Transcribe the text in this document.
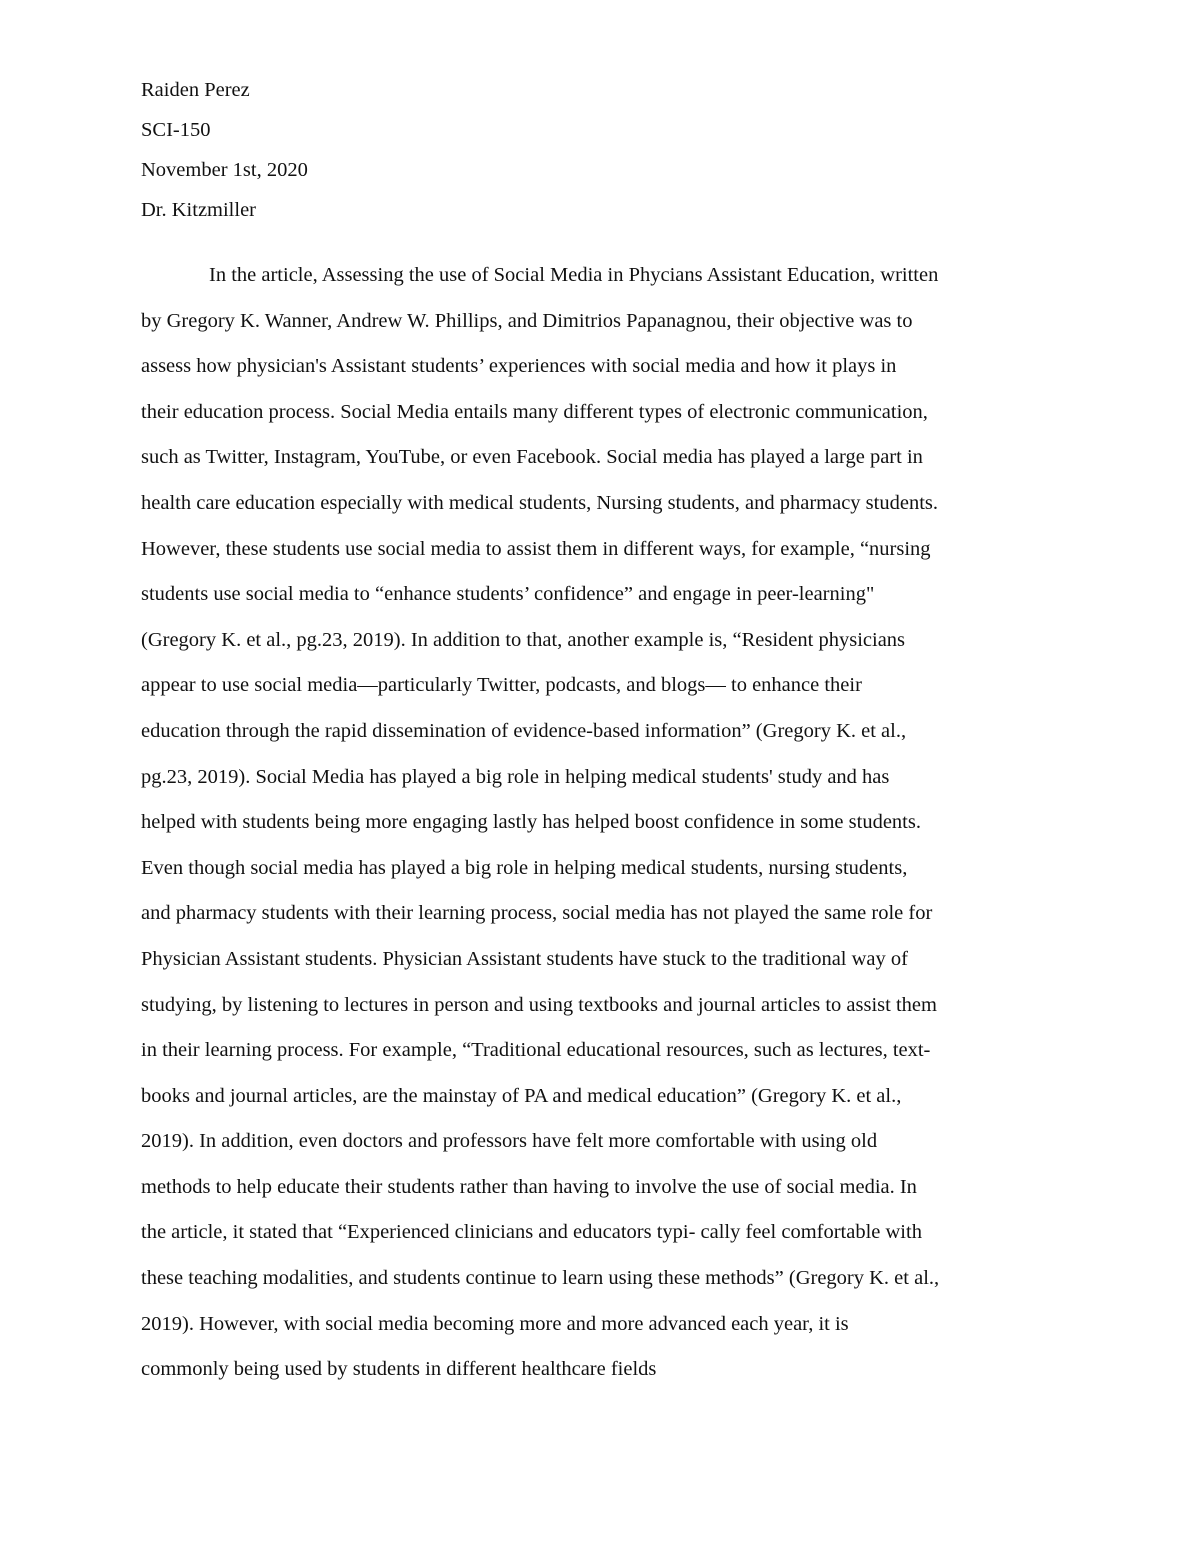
Raiden Perez
SCI-150
November 1st, 2020
Dr. Kitzmiller
In the article, Assessing the use of Social Media in Phycians Assistant Education, written
by Gregory K. Wanner, Andrew W. Phillips, and Dimitrios Papanagnou, their objective was to
assess how physician's Assistant students’ experiences with social media and how it plays in
their education process. Social Media entails many different types of electronic communication,
such as Twitter, Instagram, YouTube, or even Facebook. Social media has played a large part in
health care education especially with medical students, Nursing students, and pharmacy students.
However, these students use social media to assist them in different ways, for example, “nursing
students use social media to “enhance students’ confidence” and engage in peer-learning"
(Gregory K. et al., pg.23, 2019). In addition to that, another example is, “Resident physicians
appear to use social media—particularly Twitter, podcasts, and blogs— to enhance their
education through the rapid dissemination of evidence-based information” (Gregory K. et al.,
pg.23, 2019). Social Media has played a big role in helping medical students' study and has
helped with students being more engaging lastly has helped boost confidence in some students.
Even though social media has played a big role in helping medical students, nursing students,
and pharmacy students with their learning process, social media has not played the same role for
Physician Assistant students. Physician Assistant students have stuck to the traditional way of
studying, by listening to lectures in person and using textbooks and journal articles to assist them
in their learning process. For example, “Traditional educational resources, such as lectures, text-
books and journal articles, are the mainstay of PA and medical education” (Gregory K. et al.,
2019). In addition, even doctors and professors have felt more comfortable with using old
methods to help educate their students rather than having to involve the use of social media. In
the article, it stated that “Experienced clinicians and educators typi- cally feel comfortable with
these teaching modalities, and students continue to learn using these methods” (Gregory K. et al.,
2019). However, with social media becoming more and more advanced each year, it is
commonly being used by students in different healthcare fields
